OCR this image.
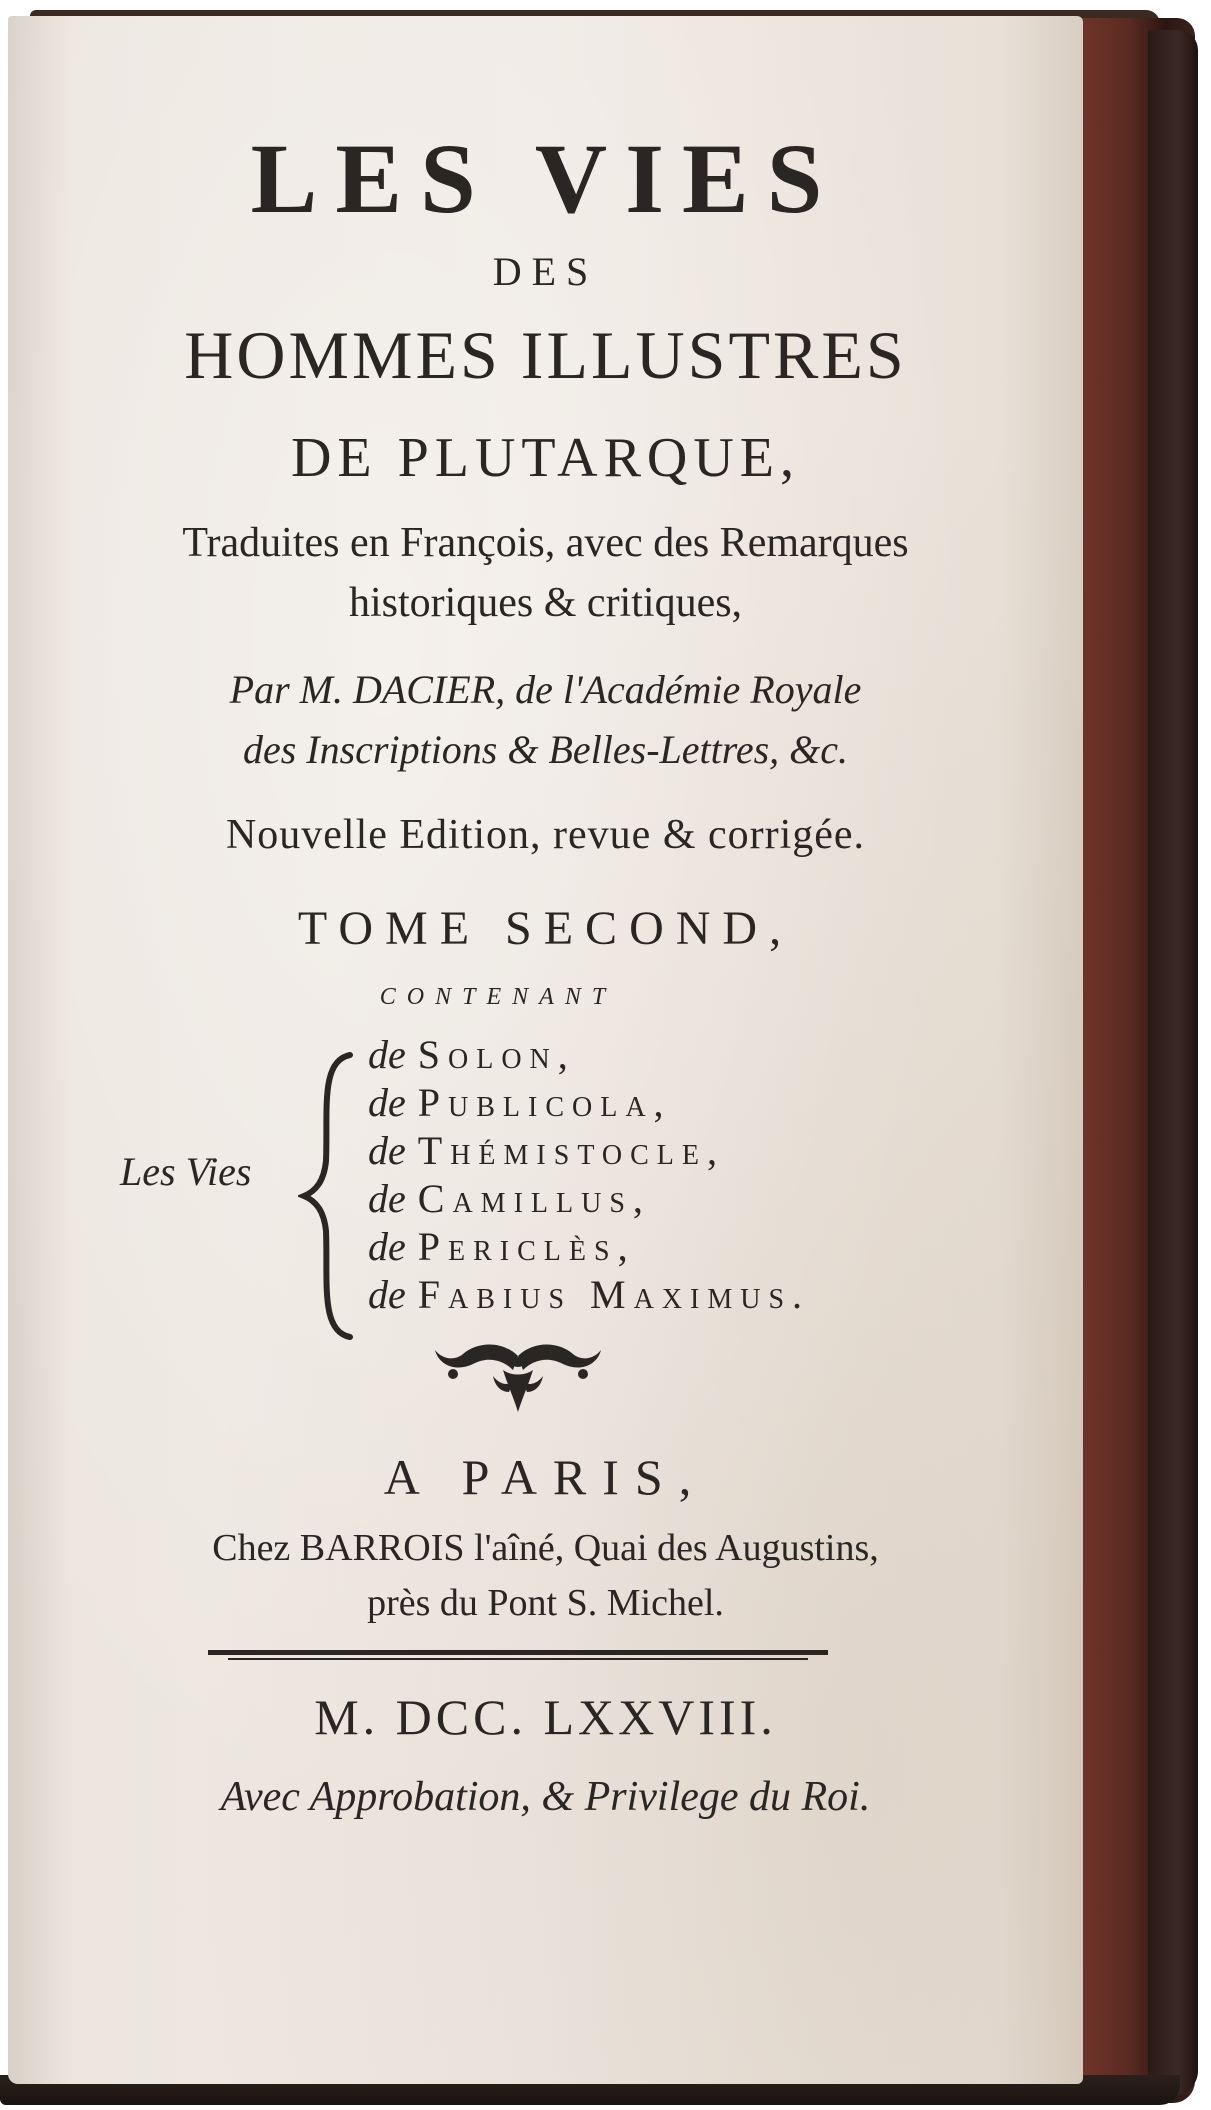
LES VIES

DES

HOMMES ILLUSTRES

DE PLUTARQUE,

Traduites en François, avec des Remarques

historiques & critiques,

Par M. DACIER, de l'Académie Royale

des Inscriptions & Belles-Lettres, &c.

Nouvelle Edition, revue & corrigée.

TOME SECOND,

CONTENANT

Les Vies
de Solon,
de Publicola,
de Thémistocle,
de Camillus,
de Periclès,
de Fabius Maximus.

A PARIS,

Chez BARROIS l'aîné, Quai des Augustins,

près du Pont S. Michel.

M. DCC. LXXVIII.

Avec Approbation, & Privilege du Roi.
